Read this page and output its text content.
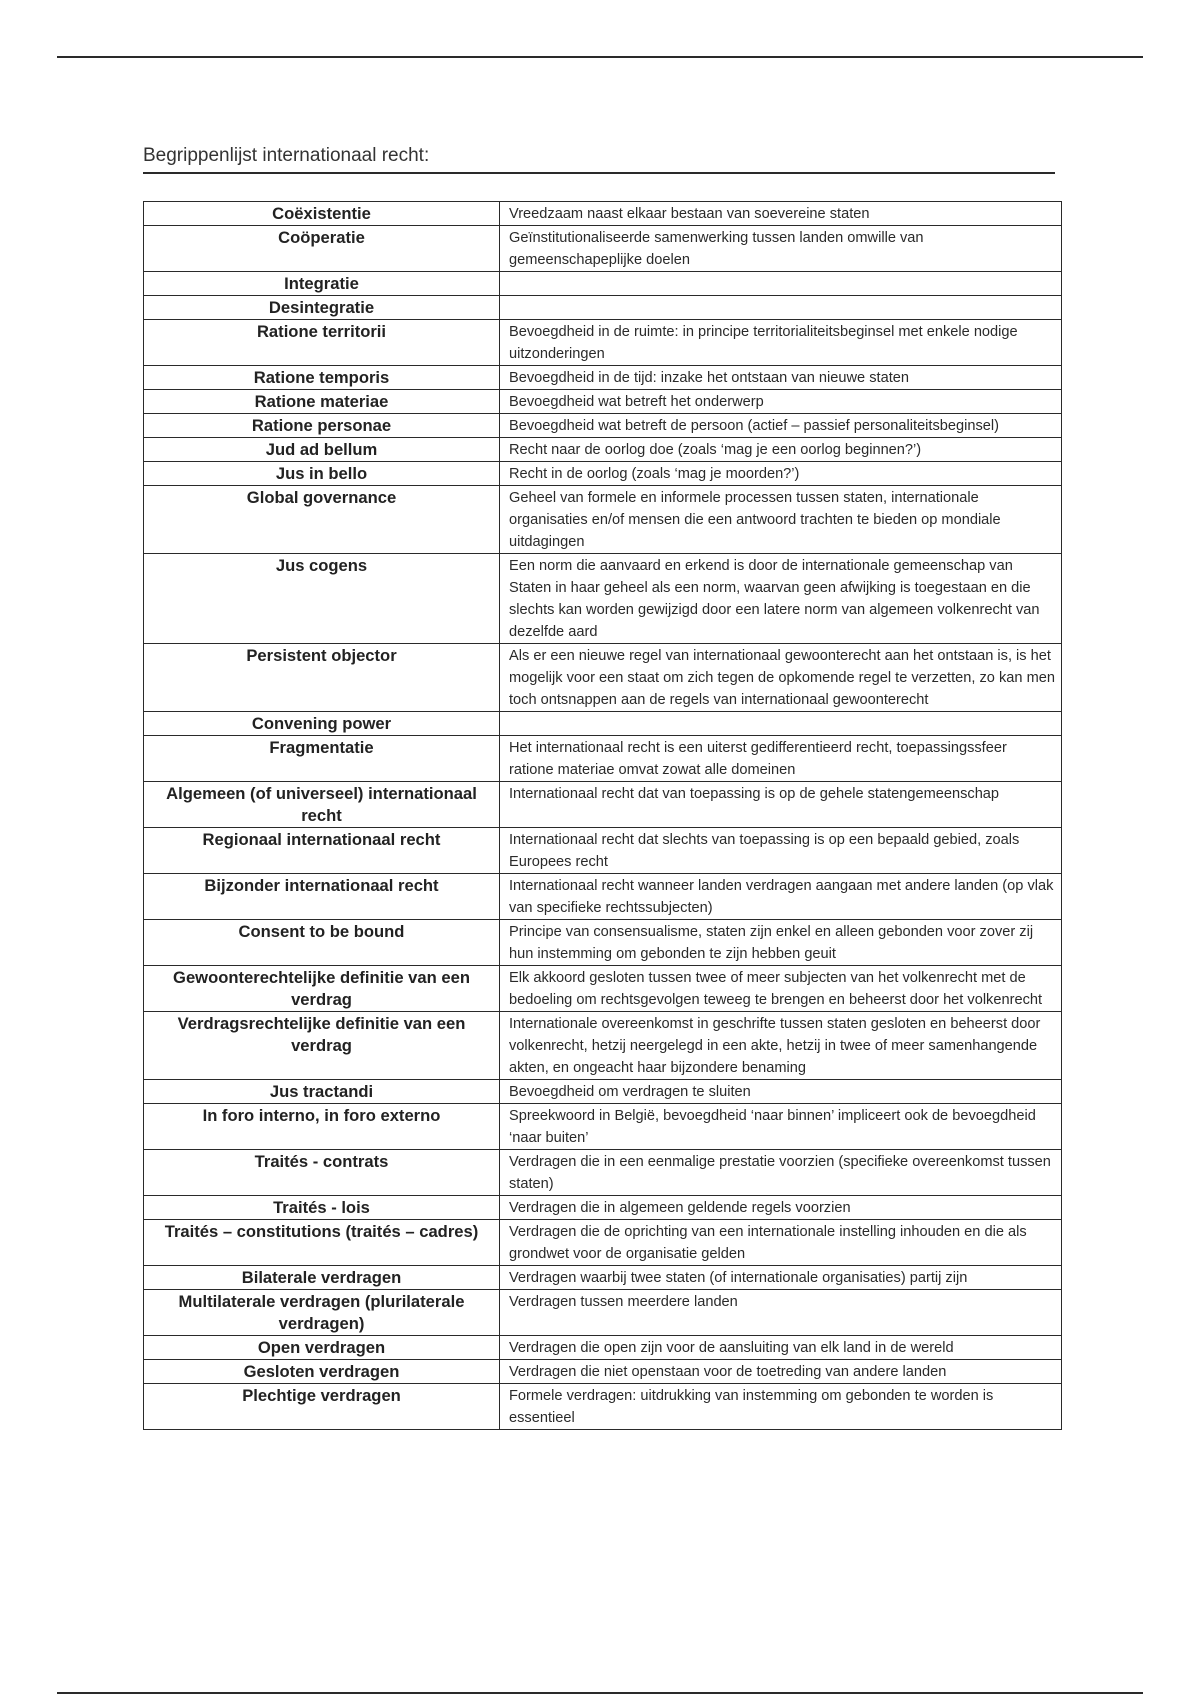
Begrippenlijst internationaal recht:
Coëxistentie	Vreedzaam naast elkaar bestaan van soevereine staten
Coöperatie	Geïnstitutionaliseerde samenwerking tussen landen omwille van gemeenschapeplijke doelen
Integratie	
Desintegratie	
Ratione territorii	Bevoegdheid in de ruimte: in principe territorialiteitsbeginsel met enkele nodige uitzonderingen
Ratione temporis	Bevoegdheid in de tijd: inzake het ontstaan van nieuwe staten
Ratione materiae	Bevoegdheid wat betreft het onderwerp
Ratione personae	Bevoegdheid wat betreft de persoon (actief – passief personaliteitsbeginsel)
Jud ad bellum	Recht naar de oorlog doe (zoals ‘mag je een oorlog beginnen?’)
Jus in bello	Recht in de oorlog (zoals ‘mag je moorden?’)
Global governance	Geheel van formele en informele processen tussen staten, internationale organisaties en/of mensen die een antwoord trachten te bieden op mondiale uitdagingen
Jus cogens	Een norm die aanvaard en erkend is door de internationale gemeenschap van Staten in haar geheel als een norm, waarvan geen afwijking is toegestaan en die slechts kan worden gewijzigd door een latere norm van algemeen volkenrecht van dezelfde aard
Persistent objector	Als er een nieuwe regel van internationaal gewoonterecht aan het ontstaan is, is het mogelijk voor een staat om zich tegen de opkomende regel te verzetten, zo kan men toch ontsnappen aan de regels van internationaal gewoonterecht
Convening power	
Fragmentatie	Het internationaal recht is een uiterst gedifferentieerd recht, toepassingssfeer ratione materiae omvat zowat alle domeinen
Algemeen (of universeel) internationaal recht	Internationaal recht dat van toepassing is op de gehele statengemeenschap
Regionaal internationaal recht	Internationaal recht dat slechts van toepassing is op een bepaald gebied, zoals Europees recht
Bijzonder internationaal recht	Internationaal recht wanneer landen verdragen aangaan met andere landen (op vlak van specifieke rechtssubjecten)
Consent to be bound	Principe van consensualisme, staten zijn enkel en alleen gebonden voor zover zij hun instemming om gebonden te zijn hebben geuit
Gewoonterechtelijke definitie van een verdrag	Elk akkoord gesloten tussen twee of meer subjecten van het volkenrecht met de bedoeling om rechtsgevolgen teweeg te brengen en beheerst door het volkenrecht
Verdragsrechtelijke definitie van een verdrag	Internationale overeenkomst in geschrifte tussen staten gesloten en beheerst door volkenrecht, hetzij neergelegd in een akte, hetzij in twee of meer samenhangende akten, en ongeacht haar bijzondere benaming
Jus tractandi	Bevoegdheid om verdragen te sluiten
In foro interno, in foro externo	Spreekwoord in België, bevoegdheid ‘naar binnen’ impliceert ook de bevoegdheid ‘naar buiten’
Traités - contrats	Verdragen die in een eenmalige prestatie voorzien (specifieke overeenkomst tussen staten)
Traités - lois	Verdragen die in algemeen geldende regels voorzien
Traités – constitutions (traités – cadres)	Verdragen die de oprichting van een internationale instelling inhouden en die als grondwet voor de organisatie gelden
Bilaterale verdragen	Verdragen waarbij twee staten (of internationale organisaties) partij zijn
Multilaterale verdragen (plurilaterale verdragen)	Verdragen tussen meerdere landen
Open verdragen	Verdragen die open zijn voor de aansluiting van elk land in de wereld
Gesloten verdragen	Verdragen die niet openstaan voor de toetreding van andere landen
Plechtige verdragen	Formele verdragen: uitdrukking van instemming om gebonden te worden is essentieel
